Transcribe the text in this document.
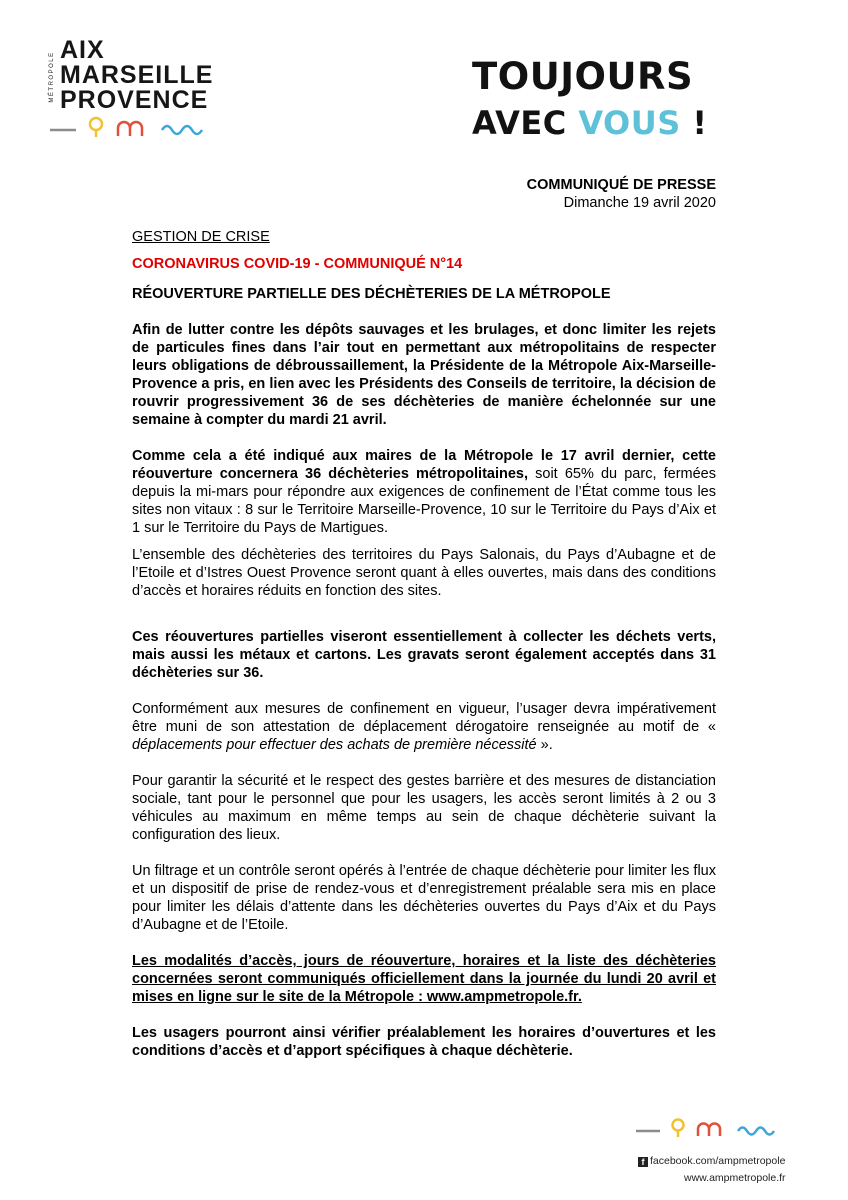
MÉTROPOLE
AIX
MARSEILLE
PROVENCE
TOUJOURS
AVEC VOUS !
COMMUNIQUÉ DE PRESSE
Dimanche 19 avril 2020

GESTION DE CRISE

CORONAVIRUS COVID-19 - COMMUNIQUÉ N°14

RÉOUVERTURE PARTIELLE DES DÉCHÈTERIES DE LA MÉTROPOLE

Afin de lutter contre les dépôts sauvages et les brulages, et donc limiter les rejets de particules fines dans l’air tout en permettant aux métropolitains de respecter leurs obligations de débroussaillement, la Présidente de la Métropole Aix-Marseille-Provence a pris, en lien avec les Présidents des Conseils de territoire, la décision de rouvrir progressivement 36 de ses déchèteries de manière échelonnée sur une semaine à compter du mardi 21 avril.

Comme cela a été indiqué aux maires de la Métropole le 17 avril dernier, cette réouverture concernera 36 déchèteries métropolitaines, soit 65% du parc, fermées depuis la mi-mars pour répondre aux exigences de confinement de l’État comme tous les sites non vitaux : 8 sur le Territoire Marseille-Provence, 10 sur le Territoire du Pays d’Aix et 1 sur le Territoire du Pays de Martigues.

L’ensemble des déchèteries des territoires du Pays Salonais, du Pays d’Aubagne et de l’Etoile et d’Istres Ouest Provence seront quant à elles ouvertes, mais dans des conditions d’accès et horaires réduits en fonction des sites.

Ces réouvertures partielles viseront essentiellement à collecter les déchets verts, mais aussi les métaux et cartons. Les gravats seront également acceptés dans 31 déchèteries sur 36.

Conformément aux mesures de confinement en vigueur, l’usager devra impérativement être muni de son attestation de déplacement dérogatoire renseignée au motif de « déplacements pour effectuer des achats de première nécessité ».

Pour garantir la sécurité et le respect des gestes barrière et des mesures de distanciation sociale, tant pour le personnel que pour les usagers, les accès seront limités à 2 ou 3 véhicules au maximum en même temps au sein de chaque déchèterie suivant la configuration des lieux.

Un filtrage et un contrôle seront opérés à l’entrée de chaque déchèterie pour limiter les flux et un dispositif de prise de rendez-vous et d’enregistrement préalable sera mis en place pour limiter les délais d’attente dans les déchèteries ouvertes du Pays d’Aix et du Pays d’Aubagne et de l’Etoile.

Les modalités d’accès, jours de réouverture, horaires et la liste des déchèteries concernées seront communiqués officiellement dans la journée du lundi 20 avril et mises en ligne sur le site de la Métropole : www.ampmetropole.fr.

Les usagers pourront ainsi vérifier préalablement les horaires d’ouvertures et les conditions d’accès et d’apport spécifiques à chaque déchèterie.

f facebook.com/ampmetropole
www.ampmetropole.fr
